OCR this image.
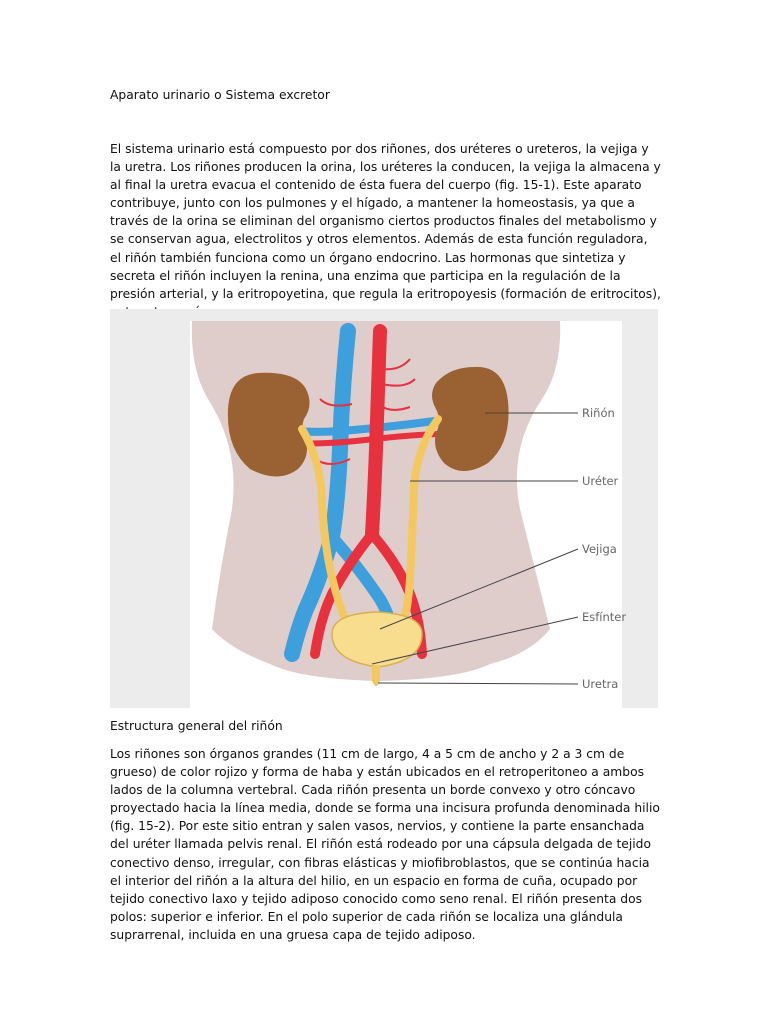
Aparato urinario o Sistema excretor

El sistema urinario está compuesto por dos riñones, dos uréteres o ureteros, la vejiga y la uretra. Los riñones producen la orina, los uréteres la conducen, la vejiga la almacena y al final la uretra evacua el contenido de ésta fuera del cuerpo (fig. 15-1). Este aparato contribuye, junto con los pulmones y el hígado, a mantener la homeostasis, ya que a través de la orina se eliminan del organismo ciertos productos finales del metabolismo y se conservan agua, electrolitos y otros elementos. Además de esta función reguladora, el riñón también funciona como un órgano endocrino. Las hormonas que sintetiza y secreta el riñón incluyen la renina, una enzima que participa en la regulación de la presión arterial, y la eritropoyetina, que regula la eritropoyesis (formación de eritrocitos),

Riñón
Uréter
Vejiga
Esfínter
Uretra

Estructura general del riñón

Los riñones son órganos grandes (11 cm de largo, 4 a 5 cm de ancho y 2 a 3 cm de grueso) de color rojizo y forma de haba y están ubicados en el retroperitoneo a ambos lados de la columna vertebral. Cada riñón presenta un borde convexo y otro cóncavo proyectado hacia la línea media, donde se forma una incisura profunda denominada hilio (fig. 15-2). Por este sitio entran y salen vasos, nervios, y contiene la parte ensanchada del uréter llamada pelvis renal. El riñón está rodeado por una cápsula delgada de tejido conectivo denso, irregular, con fibras elásticas y miofibroblastos, que se continúa hacia el interior del riñón a la altura del hilio, en un espacio en forma de cuña, ocupado por tejido conectivo laxo y tejido adiposo conocido como seno renal. El riñón presenta dos polos: superior e inferior. En el polo superior de cada riñón se localiza una glándula suprarrenal, incluida en una gruesa capa de tejido adiposo.
